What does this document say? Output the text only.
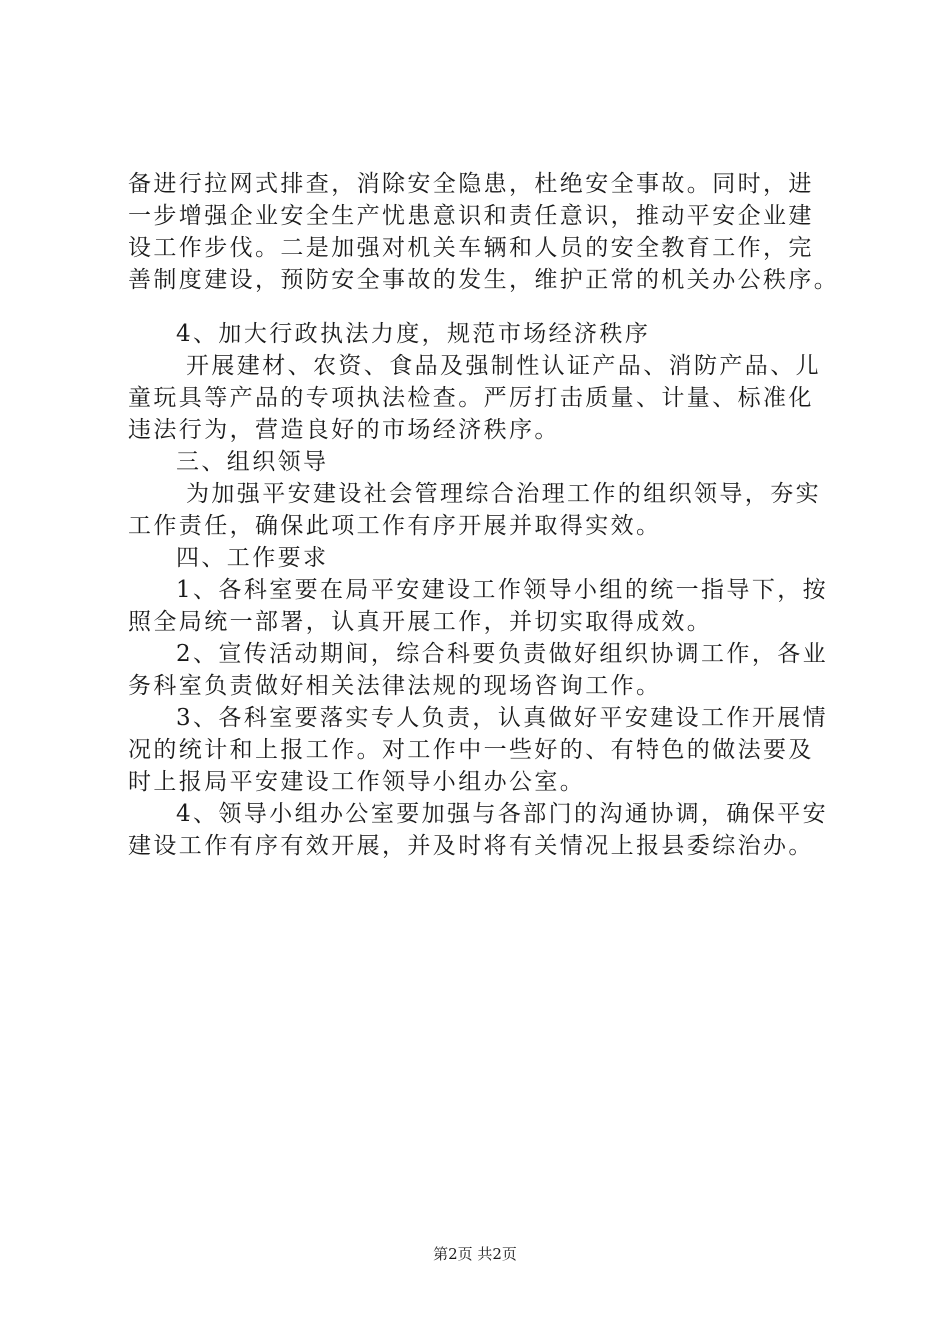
备进行拉网式排查，消除安全隐患，杜绝安全事故。同时，进
一步增强企业安全生产忧患意识和责任意识，推动平安企业建
设工作步伐。二是加强对机关车辆和人员的安全教育工作，完
善制度建设，预防安全事故的发生，维护正常的机关办公秩序。
4、加大行政执法力度，规范市场经济秩序
开展建材、农资、食品及强制性认证产品、消防产品、儿
童玩具等产品的专项执法检查。严厉打击质量、计量、标准化
违法行为，营造良好的市场经济秩序。
三、组织领导
为加强平安建设社会管理综合治理工作的组织领导，夯实
工作责任，确保此项工作有序开展并取得实效。
四、工作要求
1、各科室要在局平安建设工作领导小组的统一指导下，按
照全局统一部署，认真开展工作，并切实取得成效。
2、宣传活动期间，综合科要负责做好组织协调工作，各业
务科室负责做好相关法律法规的现场咨询工作。
3、各科室要落实专人负责，认真做好平安建设工作开展情
况的统计和上报工作。对工作中一些好的、有特色的做法要及
时上报局平安建设工作领导小组办公室。
4、领导小组办公室要加强与各部门的沟通协调，确保平安
建设工作有序有效开展，并及时将有关情况上报县委综治办。
第2页 共2页
